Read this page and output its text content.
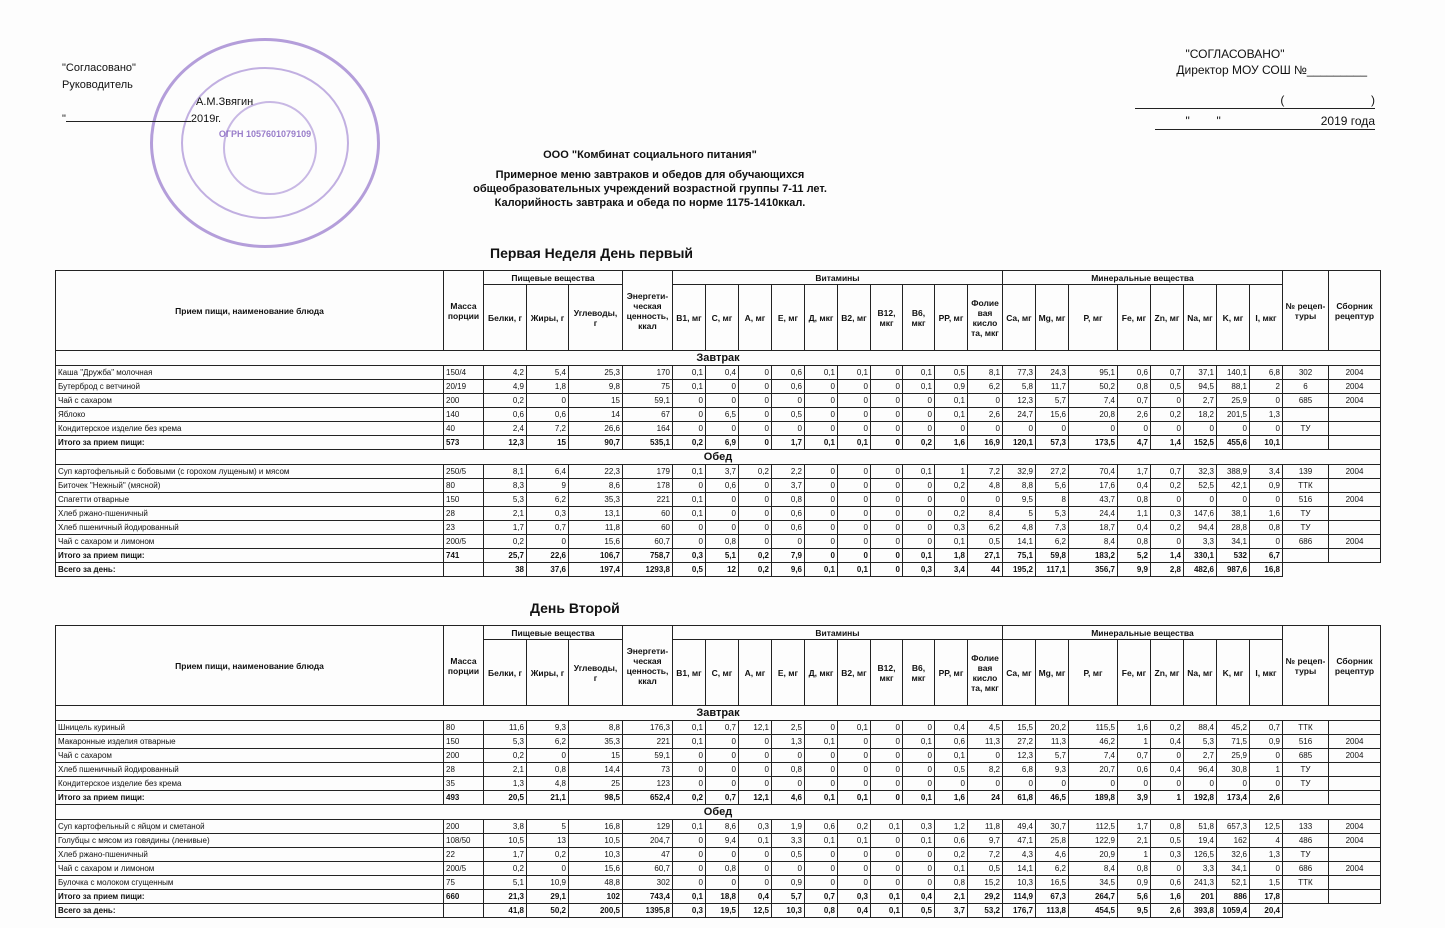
ОГРН 1057601079109
"Согласовано"
Руководитель
А.М.Звягин
"	2019г.
"СОГЛАСОВАНО"
Директор МОУ СОШ №_________
(                          )
"        "                              2019 года
ООО "Комбинат социального питания"
Примерное меню завтраков и обедов для обучающихся
общеобразовательных учреждений возрастной группы 7-11 лет.
Калорийность завтрака и обеда по норме 1175-1410ккал.
Первая Неделя День первый
День Второй
Прием пищи, наименование блюда	Масса порции	Пищевые вещества			Энергети-ческая ценность, ккал	Витамины										Минеральные вещества								№ рецеп-туры	Сборник рецептур
		Белки, г	Жиры, г	Углеводы, г		B1, мг	C, мг	A, мг	E, мг	Д, мкг	B2, мг	B12, мкг	B6, мкг	PP, мг	Фолие вая кисло та, мкг	Ca, мг	Mg, мг	P, мг	Fe, мг	Zn, мг	Na, мг	K, мг	I, мкг		
Завтрак																									
Каша "Дружба" молочная	150/4	4,2	5,4	25,3	170	0,1	0,4	0	0,6	0,1	0,1	0	0,1	0,5	8,1	77,3	24,3	95,1	0,6	0,7	37,1	140,1	6,8	302	2004
Бутерброд с ветчиной	20/19	4,9	1,8	9,8	75	0,1	0	0	0,6	0	0	0	0,1	0,9	6,2	5,8	11,7	50,2	0,8	0,5	94,5	88,1	2	6	2004
Чай с сахаром	200	0,2	0	15	59,1	0	0	0	0	0	0	0	0	0,1	0	12,3	5,7	7,4	0,7	0	2,7	25,9	0	685	2004
Яблоко	140	0,6	0,6	14	67	0	6,5	0	0,5	0	0	0	0	0,1	2,6	24,7	15,6	20,8	2,6	0,2	18,2	201,5	1,3		
Кондитерское изделие без крема	40	2,4	7,2	26,6	164	0	0	0	0	0	0	0	0	0	0	0	0	0	0	0	0	0	0	ТУ	
Итого за прием пищи:	573	12,3	15	90,7	535,1	0,2	6,9	0	1,7	0,1	0,1	0	0,2	1,6	16,9	120,1	57,3	173,5	4,7	1,4	152,5	455,6	10,1		
Обед																									
Суп картофельный с бобовыми (с горохом лущеным) и мясом	250/5	8,1	6,4	22,3	179	0,1	3,7	0,2	2,2	0	0	0	0,1	1	7,2	32,9	27,2	70,4	1,7	0,7	32,3	388,9	3,4	139	2004
Биточек "Нежный" (мясной)	80	8,3	9	8,6	178	0	0,6	0	3,7	0	0	0	0	0,2	4,8	8,8	5,6	17,6	0,4	0,2	52,5	42,1	0,9	ТТК	
Спагетти отварные	150	5,3	6,2	35,3	221	0,1	0	0	0,8	0	0	0	0	0	0	9,5	8	43,7	0,8	0	0	0	0	516	2004
Хлеб ржано-пшеничный	28	2,1	0,3	13,1	60	0,1	0	0	0,6	0	0	0	0	0,2	8,4	5	5,3	24,4	1,1	0,3	147,6	38,1	1,6	ТУ	
Хлеб пшеничный йодированный	23	1,7	0,7	11,8	60	0	0	0	0,6	0	0	0	0	0,3	6,2	4,8	7,3	18,7	0,4	0,2	94,4	28,8	0,8	ТУ	
Чай с сахаром и лимоном	200/5	0,2	0	15,6	60,7	0	0,8	0	0	0	0	0	0	0,1	0,5	14,1	6,2	8,4	0,8	0	3,3	34,1	0	686	2004
Итого за прием пищи:	741	25,7	22,6	106,7	758,7	0,3	5,1	0,2	7,9	0	0	0	0,1	1,8	27,1	75,1	59,8	183,2	5,2	1,4	330,1	532	6,7		
Всего за день:		38	37,6	197,4	1293,8	0,5	12	0,2	9,6	0,1	0,1	0	0,3	3,4	44	195,2	117,1	356,7	9,9	2,8	482,6	987,6	16,8		
Прием пищи, наименование блюда	Масса порции	Пищевые вещества			Энергети-ческая ценность, ккал	Витамины										Минеральные вещества								№ рецеп-туры	Сборник рецептур
		Белки, г	Жиры, г	Углеводы, г		B1, мг	C, мг	A, мг	E, мг	Д, мкг	B2, мг	B12, мкг	B6, мкг	PP, мг	Фолие вая кисло та, мкг	Ca, мг	Mg, мг	P, мг	Fe, мг	Zn, мг	Na, мг	K, мг	I, мкг		
Завтрак																									
Шницель куриный	80	11,6	9,3	8,8	176,3	0,1	0,7	12,1	2,5	0	0,1	0	0	0,4	4,5	15,5	20,2	115,5	1,6	0,2	88,4	45,2	0,7	ТТК	
Макаронные изделия отварные	150	5,3	6,2	35,3	221	0,1	0	0	1,3	0,1	0	0	0,1	0,6	11,3	27,2	11,3	46,2	1	0,4	5,3	71,5	0,9	516	2004
Чай с сахаром	200	0,2	0	15	59,1	0	0	0	0	0	0	0	0	0,1	0	12,3	5,7	7,4	0,7	0	2,7	25,9	0	685	2004
Хлеб пшеничный йодированный	28	2,1	0,8	14,4	73	0	0	0	0,8	0	0	0	0	0,5	8,2	6,8	9,3	20,7	0,6	0,4	96,4	30,8	1	ТУ	
Кондитерское изделие без крема	35	1,3	4,8	25	123	0	0	0	0	0	0	0	0	0	0	0	0	0	0	0	0	0	0	ТУ	
Итого за прием пищи:	493	20,5	21,1	98,5	652,4	0,2	0,7	12,1	4,6	0,1	0,1	0	0,1	1,6	24	61,8	46,5	189,8	3,9	1	192,8	173,4	2,6		
Обед																									
Суп картофельный с яйцом и сметаной	200	3,8	5	16,8	129	0,1	8,6	0,3	1,9	0,6	0,2	0,1	0,3	1,2	11,8	49,4	30,7	112,5	1,7	0,8	51,8	657,3	12,5	133	2004
Голубцы с мясом из говядины (ленивые)	108/50	10,5	13	10,5	204,7	0	9,4	0,1	3,3	0,1	0,1	0	0,1	0,6	9,7	47,1	25,8	122,9	2,1	0,5	19,4	162	4	486	2004
Хлеб ржано-пшеничный	22	1,7	0,2	10,3	47	0	0	0	0,5	0	0	0	0	0,2	7,2	4,3	4,6	20,9	1	0,3	126,5	32,6	1,3	ТУ	
Чай с сахаром и лимоном	200/5	0,2	0	15,6	60,7	0	0,8	0	0	0	0	0	0	0,1	0,5	14,1	6,2	8,4	0,8	0	3,3	34,1	0	686	2004
Булочка с молоком сгущенным	75	5,1	10,9	48,8	302	0	0	0	0,9	0	0	0	0	0,8	15,2	10,3	16,5	34,5	0,9	0,6	241,3	52,1	1,5	ТТК	
Итого за прием пищи:	660	21,3	29,1	102	743,4	0,1	18,8	0,4	5,7	0,7	0,3	0,1	0,4	2,1	29,2	114,9	67,3	264,7	5,6	1,6	201	886	17,8		
Всего за день:		41,8	50,2	200,5	1395,8	0,3	19,5	12,5	10,3	0,8	0,4	0,1	0,5	3,7	53,2	176,7	113,8	454,5	9,5	2,6	393,8	1059,4	20,4		
